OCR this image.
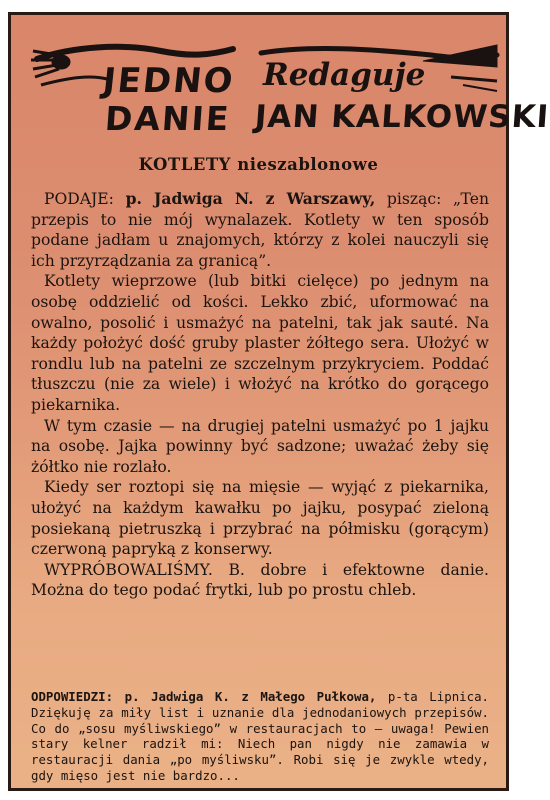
JEDNO Redaguje
DANIE JAN KALKOWSKI
KOTLETY nieszablonowe

PODAJE: p. Jadwiga N. z Warszawy, pisząc: „Ten przepis to nie mój wynalazek. Kotlety w ten sposób podane jadłam u znajomych, którzy z kolei nauczyli się ich przyrządzania za granicą”.

Kotlety wieprzowe (lub bitki cielęce) po jednym na osobę oddzielić od kości. Lekko zbić, uformować na owalno, posolić i usmażyć na patelni, tak jak sauté. Na każdy położyć dość gruby plaster żółtego sera. Ułożyć w rondlu lub na patelni ze szczelnym przykryciem. Poddać tłuszczu (nie za wiele) i włożyć na krótko do gorącego piekarnika.

W tym czasie — na drugiej patelni usmażyć po 1 jajku na osobę. Jajka powinny być sadzone; uważać żeby się żółtko nie rozlało.

Kiedy ser roztopi się na mięsie — wyjąć z piekarnika, ułożyć na każdym kawałku po jajku, posypać zieloną posiekaną pietruszką i przybrać na półmisku (gorącym) czerwoną papryką z konserwy.

WYPRÓBOWALIŚMY. B. dobre i efektowne danie. Można do tego podać frytki, lub po prostu chleb.

ODPOWIEDZI: p. Jadwiga K. z Małego Pułkowa, p-ta Lipnica. Dziękuję za miły list i uznanie dla jednodaniowych przepisów. Co do „sosu myśliwskiego” w restauracjach to — uwaga! Pewien stary kelner radził mi: Niech pan nigdy nie zamawia w restauracji dania „po myśliwsku”. Robi się je zwykle wtedy, gdy mięso jest nie bardzo...
